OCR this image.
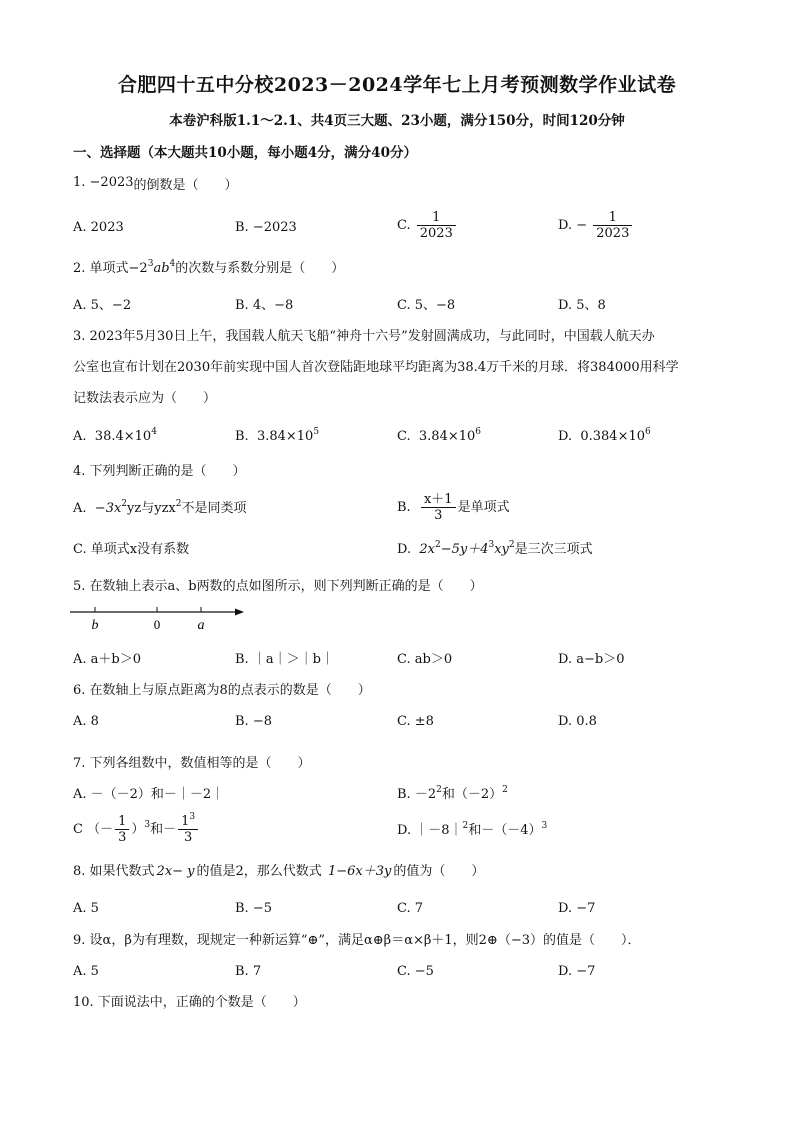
合肥四十五中分校2023－2024学年七上月考预测数学作业试卷
本卷沪科版1.1～2.1、共4页三大题、23小题，满分150分，时间120分钟
一、选择题（本大题共10小题，每小题4分，满分40分）
1. −2023的倒数是（　　）
A. 2023	B. −2023	C. $\frac{1}{2023}$	D. − $\frac{1}{2023}$
2. 单项式$-2^3ab^4$的次数与系数分别是（　　）
A. 5、−2	B. 4、−8	C. 5、−8	D. 5、8
3. 2023年5月30日上午，我国载人航天飞船“神舟十六号”发射圆满成功，与此同时，中国载人航天办
公室也宣布计划在2030年前实现中国人首次登陆距地球平均距离为38.4万千米的月球．将384000用科学
记数法表示应为（　　）
A. $38.4\times 10^4$	B. $3.84\times 10^5$	C. $3.84\times 10^6$	D. $0.384\times 10^6$
4. 下列判断正确的是（　　）
A. $-3x^2yz$与yzx$^2$不是同类项	B. $\frac{x+1}{3}$ 是单项式
C. 单项式x没有系数	D. $2x^2-5y+4^3xy^2$是三次三项式
5. 在数轴上表示a、b两数的点如图所示，则下列判断正确的是（　　）
b	0	a
A. a＋b＞0	B. ｜a｜＞｜b｜	C. ab＞0	D. a−b＞0
6. 在数轴上与原点距离为8的点表示的数是（　　）
A. 8	B. −8	C. ±8	D. 0.8
7. 下列各组数中，数值相等的是（　　）
A. －（－2）和－｜－2｜	B. $-2^2$和$(-2)^2$
C （－ $\frac{1}{3} )^3$和－ $\frac{1^3}{3}$	D. ｜－8｜$^2$和$-(-4)^3$
8. 如果代数式 2x− y 的值是2，那么代数式 1−6x＋3y 的值为（　　）
A. 5	B. −5	C. 7	D. −7
9. 设α，β为有理数，现规定一种新运算“⊕”，满足α⊕β＝α×β＋1，则2⊕（−3）的值是（　　）．
A. 5	B. 7	C. −5	D. −7
10. 下面说法中，正确的个数是（　　）
